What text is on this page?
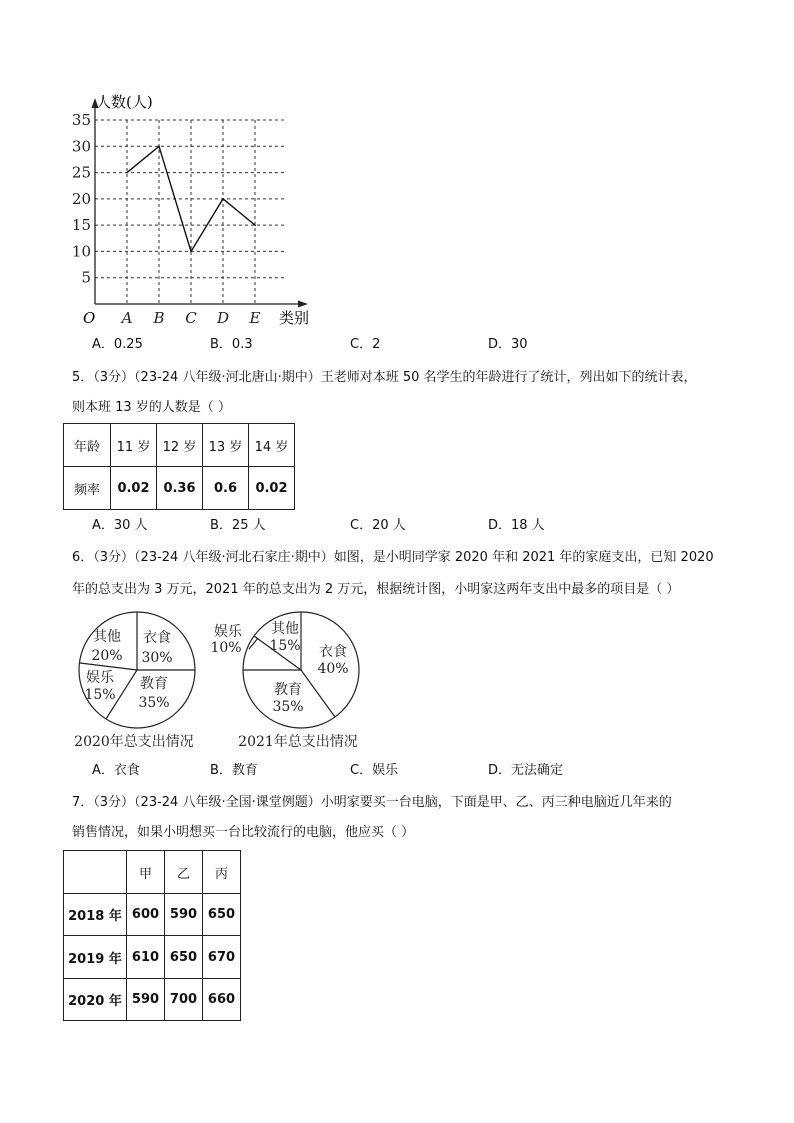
5
10
15
20
25
30
35
A B C D E
人数(人)
类别
O
A．0.25	B．0.3	C．2	D．30
5．（3分）（23-24 八年级·河北唐山·期中）王老师对本班 50 名学生的年龄进行了统计，列出如下的统计表，
则本班 13 岁的人数是（ ）
年龄	11 岁	12 岁	13 岁	14 岁
频率	0.02	0.36	0.6	0.02
A．30 人	B．25 人	C．20 人	D．18 人
6．（3分）（23-24 八年级·河北石家庄·期中）如图，是小明同学家 2020 年和 2021 年的家庭支出，已知 2020
年的总支出为 3 万元，2021 年的总支出为 2 万元，根据统计图，小明家这两年支出中最多的项目是（ ）
其他
20%
衣食
30%
娱乐
15%
教育
35%
2020年总支出情况
其他
15% 衣食
40%
娱乐
10%
教育
35%
2021年总支出情况
A．衣食	B．教育	C．娱乐	D．无法确定
7．（3分）（23-24 八年级·全国·课堂例题）小明家要买一台电脑，下面是甲、乙、丙三种电脑近几年来的
销售情况，如果小明想买一台比较流行的电脑，他应买（ ）
	甲	乙	丙
2018 年	600	590	650
2019 年	610	650	670
2020 年	590	700	660
